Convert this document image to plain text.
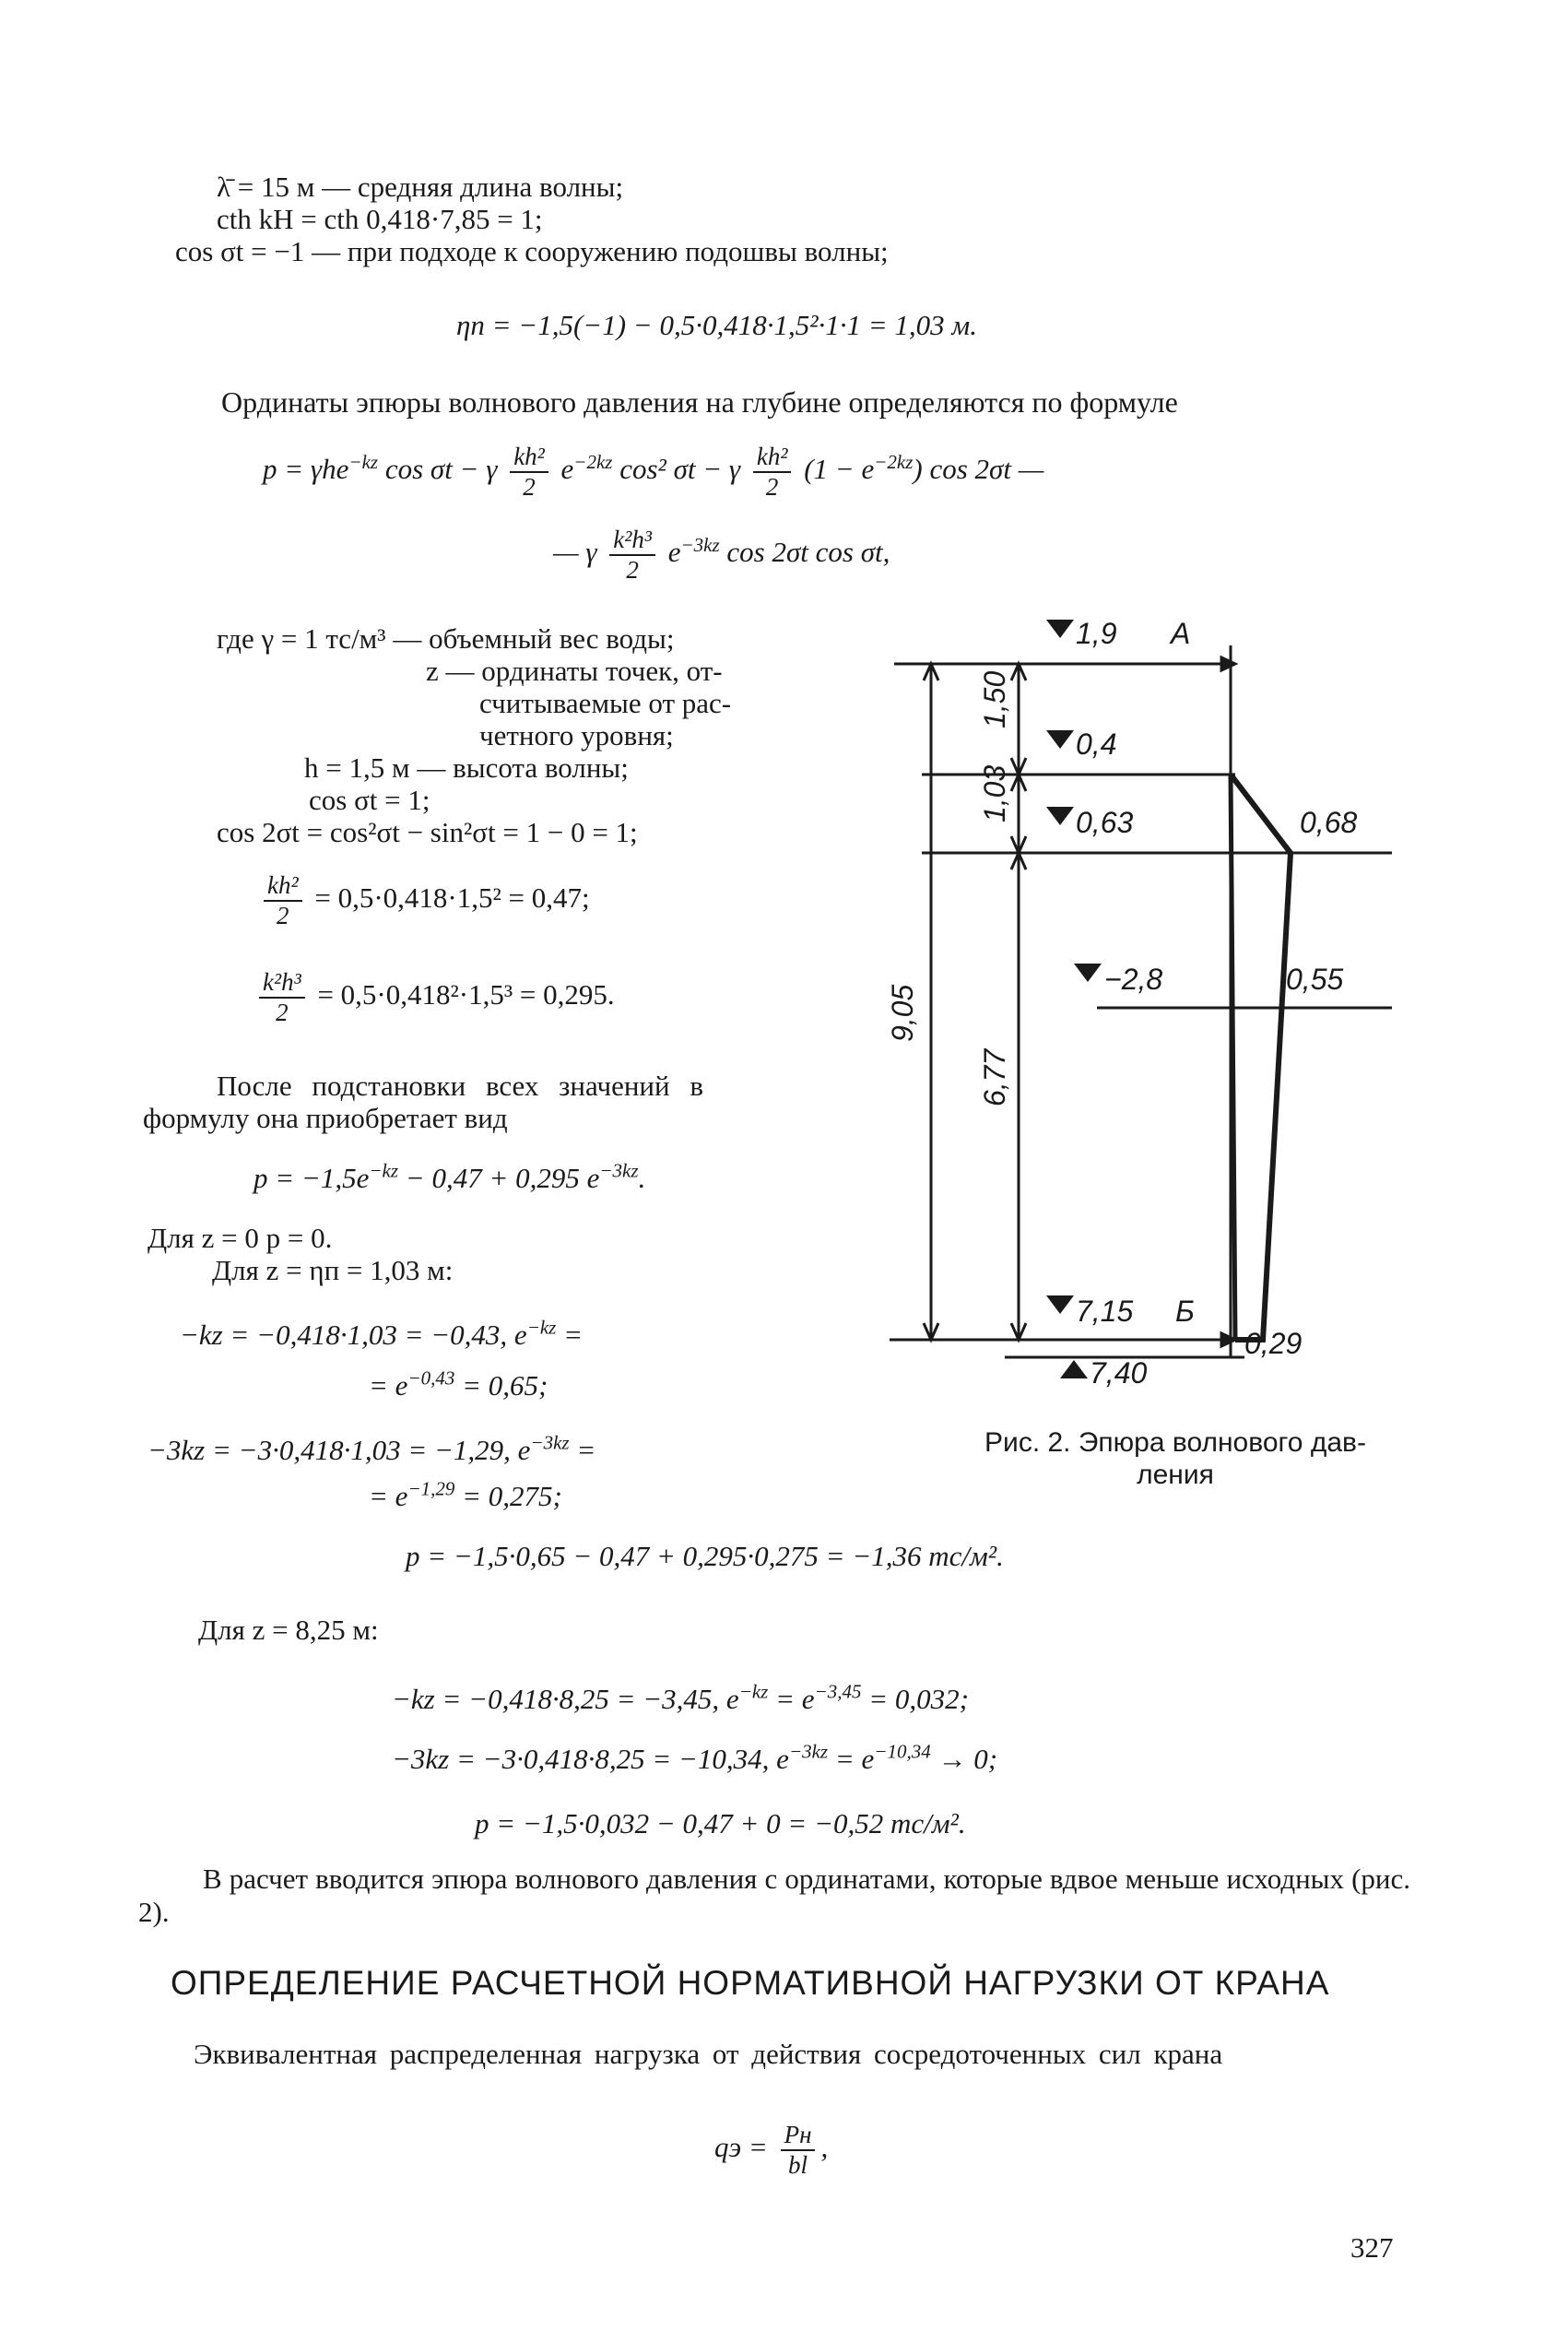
λ̄ = 15 м — средняя длина волны;
cth kH = cth 0,418·7,85 = 1;
cos σt = −1 — при подходе к сооружению подошвы волны;
ηп = −1,5(−1) − 0,5·0,418·1,5²·1·1 = 1,03 м.
Ординаты эпюры волнового давления на глубине определяются по формуле
p = γhe$^{-kz}$ cos σt − γ $\frac{\text{kh²}}{2} e^{-2kz}$ cos² σt − γ $\frac{\text{kh²}}{2} (1 - e^{-2kz})$ cos 2σt —
— γ $\frac{\text{k²h³}}{2} e^{-3kz}$ cos 2σt cos σt,
где γ = 1 тс/м³ — объемный вес воды;
z — ординаты точек, от-
считываемые от рас-
четного уровня;
h = 1,5 м — высота волны;
cos σt = 1;
cos 2σt = cos²σt − sin²σt = 1 − 0 = 1;
$\frac{\text{kh²}}{2} = 0,5\cdot 0,418\cdot 1,5^2 = 0,47$;
$\frac{\text{k²h³}}{2} = 0,5\cdot 0,418^2\cdot 1,5^3 = 0,295$.
После подстановки всех значений в
формулу она приобретает вид
$p = -1,5e^{-kz} - 0,47 + 0,295$ $e^{-3kz}$.
Для z = 0 p = 0.
Для z = ηп = 1,03 м:
−kz = −0,418·1,03 = −0,43, $e^{-kz}$ =
= $e^{-0,43} = 0,65$;
−3kz = −3·0,418·1,03 = −1,29, $e^{-3kz}$ =
= $e^{-1,29} = 0,275$;
p = −1,5·0,65 − 0,47 + 0,295·0,275 = −1,36 тс/м².
Для z = 8,25 м:
−kz = −0,418·8,25 = −3,45, $e^{-kz} = e^{-3,45} = 0,032$;
−3kz = −3·0,418·8,25 = −10,34, $e^{-3kz} = e^{-10,34} \to 0$;
p = −1,5·0,032 − 0,47 + 0 = −0,52 тс/м².
В расчет вводится эпюра волнового давления с ординатами, которые вдвое меньше исходных (рис. 2).
ОПРЕДЕЛЕНИЕ РАСЧЕТНОЙ НОРМАТИВНОЙ НАГРУЗКИ ОТ КРАНА
Эквивалентная распределенная нагрузка от действия сосредоточенных сил крана
qэ = $\frac{Pн}{bl}$ ,
327
1,9 А
0,4
0,63	0,68
−2,8	0,55
7,15 Б
0,29
7,40
1,50
1,03
9,05
6,77
Рис. 2. Эпюра волнового дав-
ления
